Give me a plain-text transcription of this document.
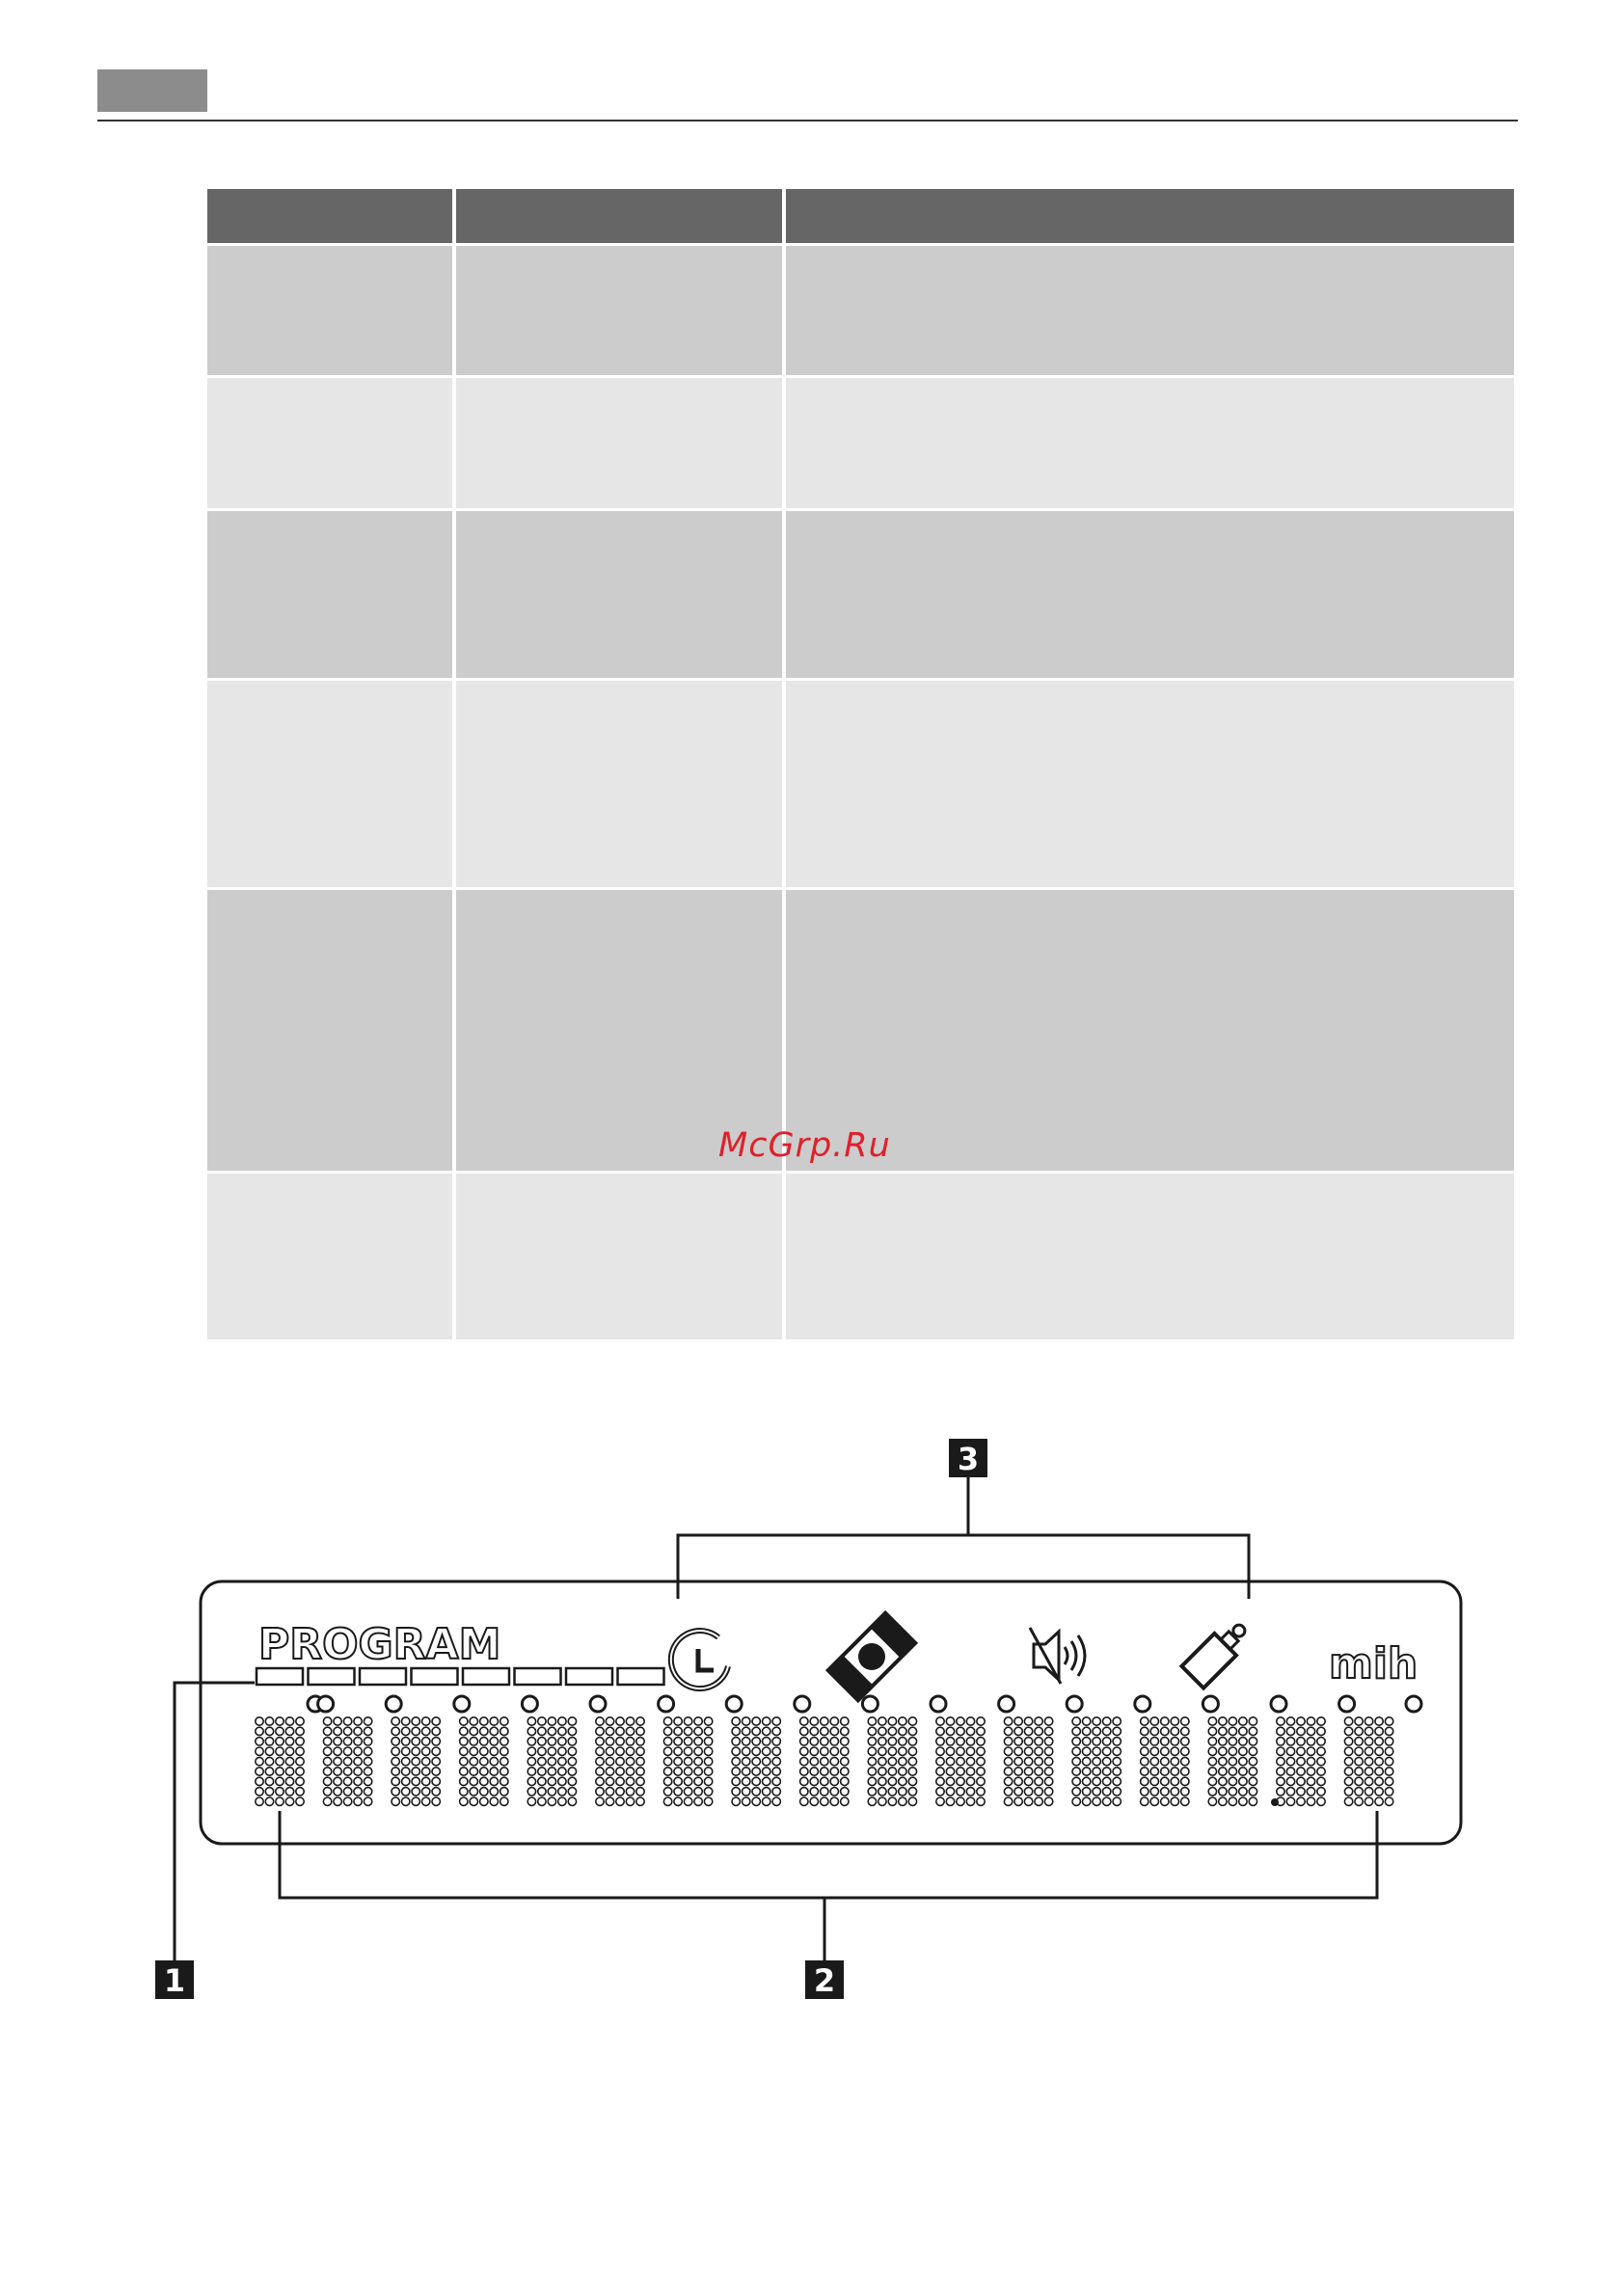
McGrp.Ru
3
PROGRAM	mih
1	2
